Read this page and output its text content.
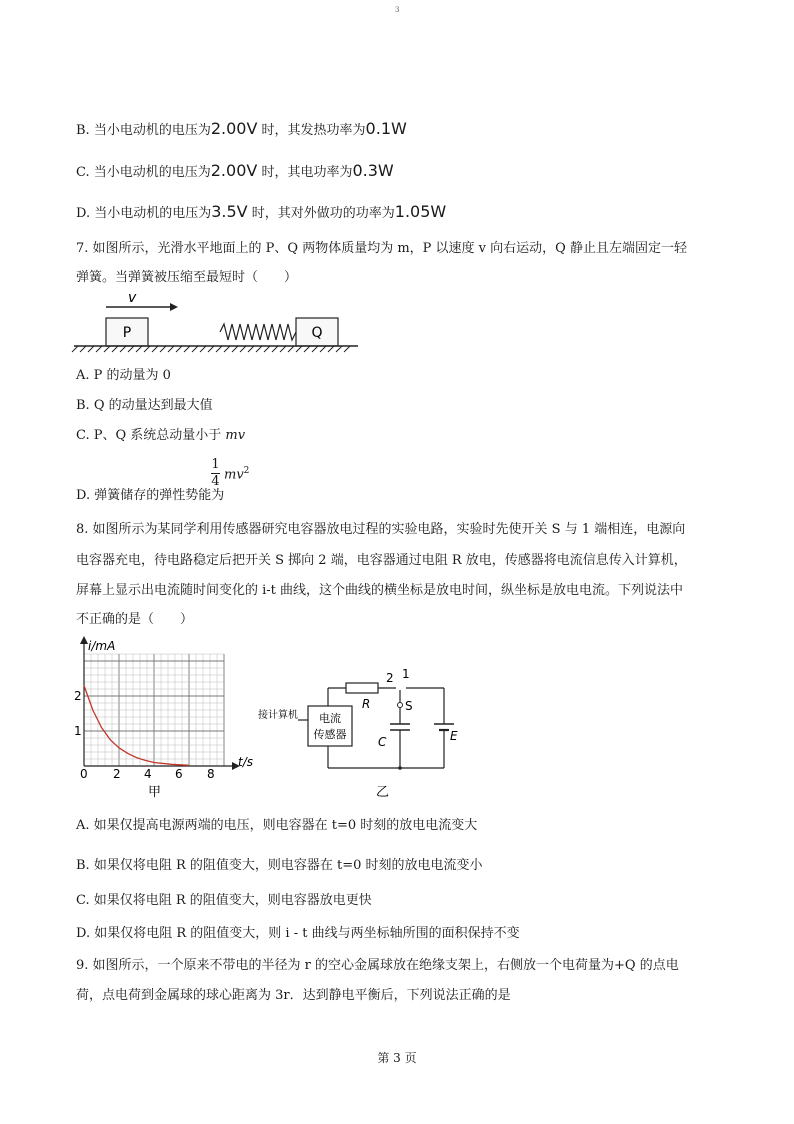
3
B. 当小电动机的电压为2.00V 时，其发热功率为0.1W
C. 当小电动机的电压为2.00V 时，其电功率为0.3W
D. 当小电动机的电压为3.5V 时，其对外做功的功率为1.05W
7. 如图所示，光滑水平地面上的 P、Q 两物体质量均为 m，P 以速度 v 向右运动，Q 静止且左端固定一轻
弹簧。当弹簧被压缩至最短时（　　）
v
P	Q
A. P 的动量为 0
B. Q 的动量达到最大值
C. P、Q 系统总动量小于 mv
D. 弹簧储存的弹性势能为
1
4 $mv^2$
8. 如图所示为某同学利用传感器研究电容器放电过程的实验电路，实验时先使开关 S 与 1 端相连，电源向
电容器充电，待电路稳定后把开关 S 掷向 2 端，电容器通过电阻 R 放电，传感器将电流信息传入计算机，
屏幕上显示出电流随时间变化的 i-t 曲线，这个曲线的横坐标是放电时间，纵坐标是放电电流。下列说法中
不正确的是（　　）
i/mA
t/s
2
1
0 2 4 6 8
甲
电流
传感器
接计算机
2 1
R	S
C	E
乙
A. 如果仅提高电源两端的电压，则电容器在 t=0 时刻的放电电流变大
B. 如果仅将电阻 R 的阻值变大，则电容器在 t=0 时刻的放电电流变小
C. 如果仅将电阻 R 的阻值变大，则电容器放电更快
D. 如果仅将电阻 R 的阻值变大，则 i - t 曲线与两坐标轴所围的面积保持不变
9. 如图所示，一个原来不带电的半径为 r 的空心金属球放在绝缘支架上，右侧放一个电荷量为+Q 的点电
荷，点电荷到金属球的球心距离为 3r．达到静电平衡后，下列说法正确的是
第 3 页
